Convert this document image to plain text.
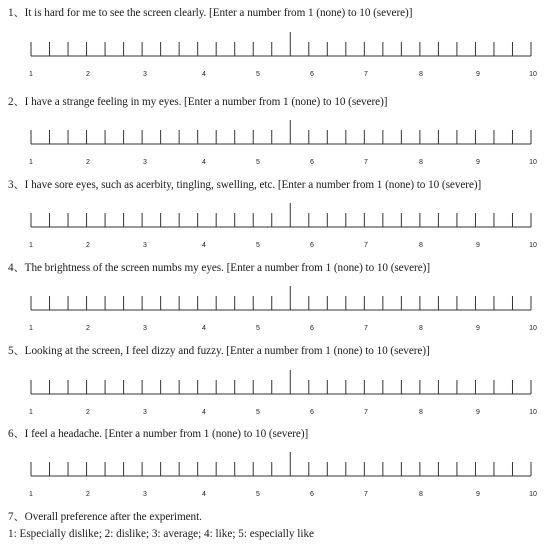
1、It is hard for me to see the screen clearly. [Enter a number from 1 (none) to 10 (severe)]
1	2	3	4	5	6	7	8	9	10
2、I have a strange feeling in my eyes. [Enter a number from 1 (none) to 10 (severe)]
1	2	3	4	5	6	7	8	9	10
3、I have sore eyes, such as acerbity, tingling, swelling, etc. [Enter a number from 1 (none) to 10 (severe)]
1	2	3	4	5	6	7	8	9	10
4、The brightness of the screen numbs my eyes. [Enter a number from 1 (none) to 10 (severe)]
1	2	3	4	5	6	7	8	9	10
5、Looking at the screen, I feel dizzy and fuzzy. [Enter a number from 1 (none) to 10 (severe)]
1	2	3	4	5	6	7	8	9	10
6、I feel a headache. [Enter a number from 1 (none) to 10 (severe)]
1	2	3	4	5	6	7	8	9	10
7、Overall preference after the experiment.
1: Especially dislike; 2: dislike; 3: average; 4: like; 5: especially like
